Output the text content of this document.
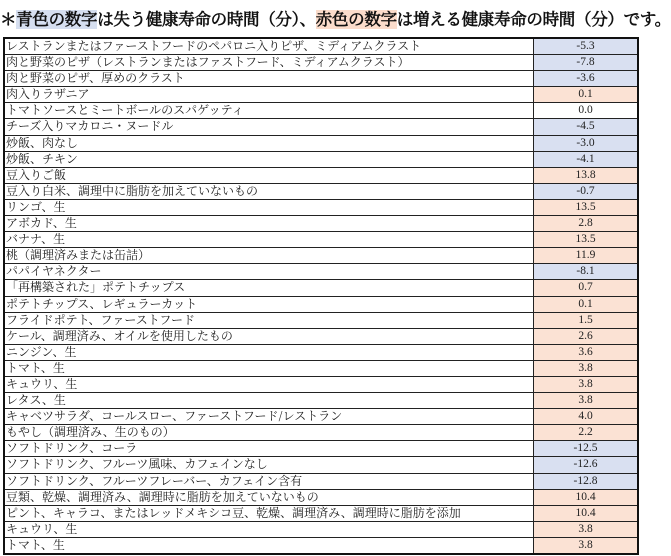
＊青色の数字は失う健康寿命の時間（分）、赤色の数字は増える健康寿命の時間（分）です。
レストランまたはファーストフードのペパロニ入りピザ、ミディアムクラスト	-5.3
肉と野菜のピザ（レストランまたはファストフード、ミディアムクラスト）	-7.8
肉と野菜のピザ、厚めのクラスト	-3.6
肉入りラザニア	0.1
トマトソースとミートボールのスパゲッティ	0.0
チーズ入りマカロニ・ヌードル	-4.5
炒飯、肉なし	-3.0
炒飯、チキン	-4.1
豆入りご飯	13.8
豆入り白米、調理中に脂肪を加えていないもの	-0.7
リンゴ、生	13.5
アボカド、生	2.8
バナナ、生	13.5
桃（調理済みまたは缶詰）	11.9
パパイヤネクター	-8.1
「再構築された」ポテトチップス	0.7
ポテトチップス、レギュラーカット	0.1
フライドポテト、ファーストフード	1.5
ケール、調理済み、オイルを使用したもの	2.6
ニンジン、生	3.6
トマト、生	3.8
キュウリ、生	3.8
レタス、生	3.8
キャベツサラダ、コールスロー、ファーストフード/レストラン	4.0
もやし（調理済み、生のもの）	2.2
ソフトドリンク、コーラ	-12.5
ソフトドリンク、フルーツ風味、カフェインなし	-12.6
ソフトドリンク、フルーツフレーバー、カフェイン含有	-12.8
豆類、乾燥、調理済み、調理時に脂肪を加えていないもの	10.4
ピント、キャラコ、またはレッドメキシコ豆、乾燥、調理済み、調理時に脂肪を添加	10.4
キュウリ、生	3.8
トマト、生	3.8
